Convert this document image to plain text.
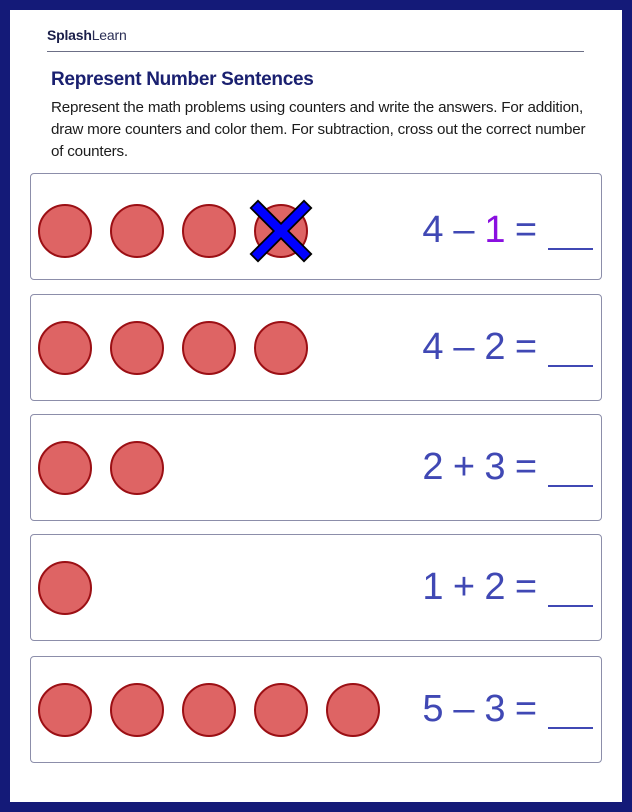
SplashLearn
Represent Number Sentences
Represent the math problems using counters and write the answers. For addition, draw more counters and color them. For subtraction, cross out the correct number of counters.
4 – 1 =
4 – 2 =
2 + 3 =
1 + 2 =
5 – 3 =
